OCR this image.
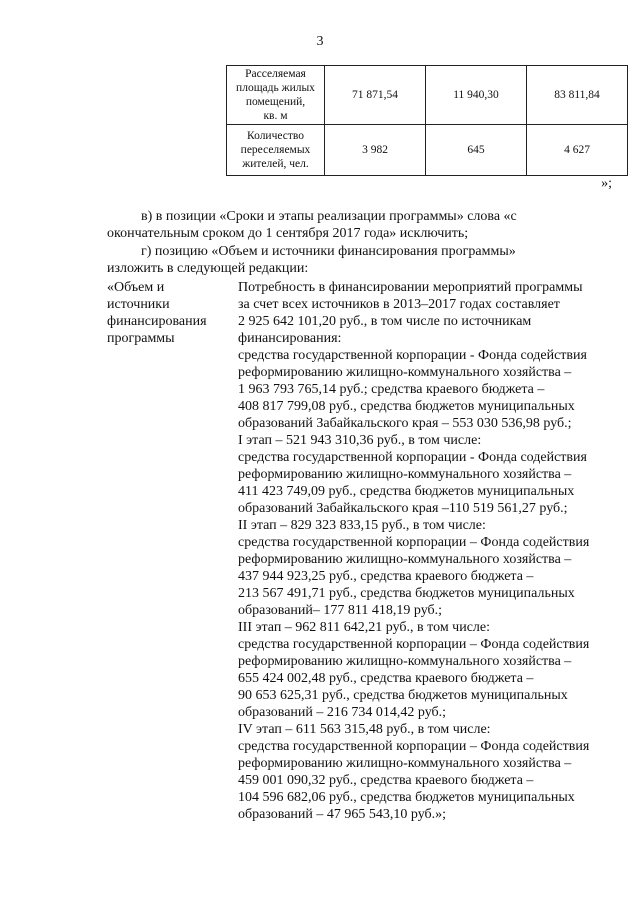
3
Расселяемая
площадь жилых
помещений,
кв. м	71 871,54	11 940,30	83 811,84

Количество
переселяемых
жителей, чел.	3 982	645	4 627
»;
в) в позиции «Сроки и этапы реализации программы» слова «с
окончательным сроком до 1 сентября 2017 года» исключить;
г) позицию «Объем и источники финансирования программы»
изложить в следующей редакции:
«Объем и
источники
финансирования
программы
Потребность в финансировании мероприятий программы
за счет всех источников в 2013–2017 годах составляет
2 925 642 101,20 руб., в том числе по источникам
финансирования:
средства государственной корпорации - Фонда содействия
реформированию жилищно-коммунального хозяйства –
1 963 793 765,14 руб.; средства краевого бюджета –
408 817 799,08 руб., средства бюджетов муниципальных
образований Забайкальского края – 553 030 536,98 руб.;
I этап – 521 943 310,36 руб., в том числе:
средства государственной корпорации - Фонда содействия
реформированию жилищно-коммунального хозяйства –
411 423 749,09 руб., средства бюджетов муниципальных
образований Забайкальского края –110 519 561,27 руб.;
II этап – 829 323 833,15 руб., в том числе:
средства государственной корпорации – Фонда содействия
реформированию жилищно-коммунального хозяйства –
437 944 923,25 руб., средства краевого бюджета –
213 567 491,71 руб., средства бюджетов муниципальных
образований– 177 811 418,19 руб.;
III этап – 962 811 642,21 руб., в том числе:
средства государственной корпорации – Фонда содействия
реформированию жилищно-коммунального хозяйства –
655 424 002,48 руб., средства краевого бюджета –
90 653 625,31 руб., средства бюджетов муниципальных
образований – 216 734 014,42 руб.;
IV этап – 611 563 315,48 руб., в том числе:
средства государственной корпорации – Фонда содействия
реформированию жилищно-коммунального хозяйства –
459 001 090,32 руб., средства краевого бюджета –
104 596 682,06 руб., средства бюджетов муниципальных
образований – 47 965 543,10 руб.»;
